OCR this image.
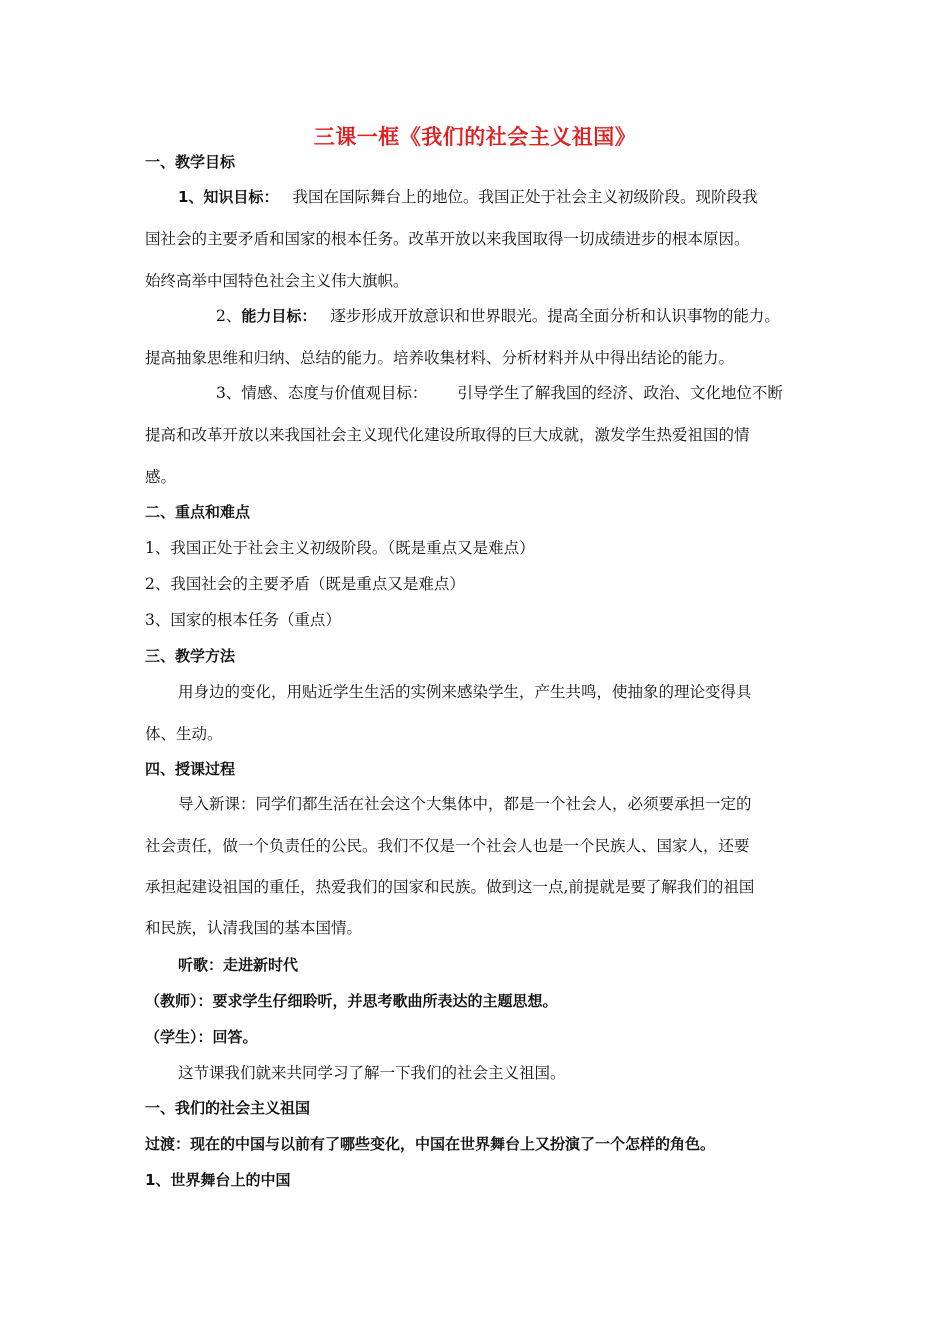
三课一框《我们的社会主义祖国》
一、教学目标
1、知识目标： 我国在国际舞台上的地位。我国正处于社会主义初级阶段。现阶段我
国社会的主要矛盾和国家的根本任务。改革开放以来我国取得一切成绩进步的根本原因。
始终高举中国特色社会主义伟大旗帜。
2、能力目标： 逐步形成开放意识和世界眼光。提高全面分析和认识事物的能力。
提高抽象思维和归纳、总结的能力。培养收集材料、分析材料并从中得出结论的能力。
3、情感、态度与价值观目标： 引导学生了解我国的经济、政治、文化地位不断
提高和改革开放以来我国社会主义现代化建设所取得的巨大成就，激发学生热爱祖国的情
感。
二、重点和难点
1、我国正处于社会主义初级阶段。（既是重点又是难点）
2、我国社会的主要矛盾（既是重点又是难点）
3、国家的根本任务（重点）
三、教学方法
用身边的变化，用贴近学生生活的实例来感染学生，产生共鸣，使抽象的理论变得具
体、生动。
四、授课过程
导入新课：同学们都生活在社会这个大集体中，都是一个社会人，必须要承担一定的
社会责任，做一个负责任的公民。我们不仅是一个社会人也是一个民族人、国家人，还要
承担起建设祖国的重任，热爱我们的国家和民族。做到这一点,前提就是要了解我们的祖国
和民族，认清我国的基本国情。
听歌：走进新时代
（教师）：要求学生仔细聆听，并思考歌曲所表达的主题思想。
（学生）：回答。
这节课我们就来共同学习了解一下我们的社会主义祖国。
一、我们的社会主义祖国
过渡：现在的中国与以前有了哪些变化，中国在世界舞台上又扮演了一个怎样的角色。
1、世界舞台上的中国
